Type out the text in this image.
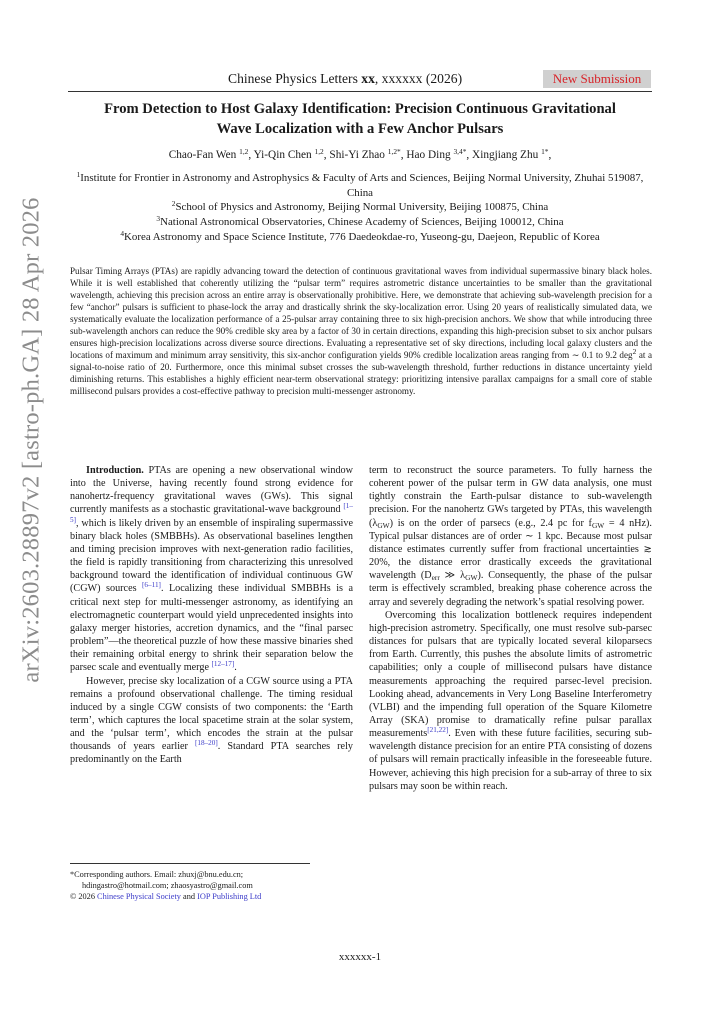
arXiv:2603.28897v2 [astro-ph.GA] 28 Apr 2026
Chinese Physics Letters xx, xxxxxx (2026)	New Submission
From Detection to Host Galaxy Identification: Precision Continuous Gravitational Wave Localization with a Few Anchor Pulsars
Chao-Fan Wen $^{1,2}$, Yi-Qin Chen $^{1,2}$, Shi-Yi Zhao $^{1,2*}$, Hao Ding $^{3,4*}$, Xingjiang Zhu $^{1*}$,
$^1$Institute for Frontier in Astronomy and Astrophysics & Faculty of Arts and Sciences, Beijing Normal University, Zhuhai 519087, China
$^2$School of Physics and Astronomy, Beijing Normal University, Beijing 100875, China
$^3$National Astronomical Observatories, Chinese Academy of Sciences, Beijing 100012, China
$^4$Korea Astronomy and Space Science Institute, 776 Daedeokdae-ro, Yuseong-gu, Daejeon, Republic of Korea
Pulsar Timing Arrays (PTAs) are rapidly advancing toward the detection of continuous gravitational waves from individual supermassive binary black holes. While it is well established that coherently utilizing the “pulsar term” requires astrometric distance uncertainties to be smaller than the gravitational wavelength, achieving this precision across an entire array is observationally prohibitive. Here, we demonstrate that achieving sub-wavelength precision for a few “anchor” pulsars is sufficient to phase-lock the array and drastically shrink the sky-localization error. Using 20 years of realistically simulated data, we systematically evaluate the localization performance of a 25-pulsar array containing three to six high-precision anchors. We show that while introducing three sub-wavelength anchors can reduce the 90% credible sky area by a factor of 30 in certain directions, expanding this high-precision subset to six anchor pulsars ensures high-precision localizations across diverse source directions. Evaluating a representative set of sky directions, including local galaxy clusters and the locations of maximum and minimum array sensitivity, this six-anchor configuration yields 90% credible localization areas ranging from ∼ 0.1 to 9.2 deg$^2$ at a signal-to-noise ratio of 20. Furthermore, once this minimal subset crosses the sub-wavelength threshold, further reductions in distance uncertainty yield diminishing returns. This establishes a highly efficient near-term observational strategy: prioritizing intensive parallax campaigns for a small core of stable millisecond pulsars provides a cost-effective pathway to precision multi-messenger astronomy.

Introduction. PTAs are opening a new observational window into the Universe, having recently found strong evidence for nanohertz-frequency gravitational waves (GWs). This signal currently manifests as a stochastic gravitational-wave background [1–5], which is likely driven by an ensemble of inspiraling supermassive binary black holes (SMBBHs). As observational baselines lengthen and timing precision improves with next-generation radio facilities, the field is rapidly transitioning from characterizing this unresolved background toward the identification of individual continuous GW (CGW) sources [6–11]. Localizing these individual SMBBHs is a critical next step for multi-messenger astronomy, as identifying an electromagnetic counterpart would yield unprecedented insights into galaxy merger histories, accretion dynamics, and the “final parsec problem”—the theoretical puzzle of how these massive binaries shed their remaining orbital energy to shrink their separation below the parsec scale and eventually merge [12–17].

However, precise sky localization of a CGW source using a PTA remains a profound observational challenge. The timing residual induced by a single CGW consists of two components: the ‘Earth term’, which captures the local spacetime strain at the solar system, and the ‘pulsar term’, which encodes the strain at the pulsar thousands of years earlier [18–20]. Standard PTA searches rely predominantly on the Earth

term to reconstruct the source parameters. To fully harness the coherent power of the pulsar term in GW data analysis, one must tightly constrain the Earth-pulsar distance to sub-wavelength precision. For the nanohertz GWs targeted by PTAs, this wavelength $(\lambda_{GW})$ is on the order of parsecs (e.g., 2.4 pc for $f_{GW} = 4$ nHz). Typical pulsar distances are of order ∼ 1 kpc. Because most pulsar distance estimates currently suffer from fractional uncertainties ≳ 20%, the distance error drastically exceeds the gravitational wavelength ($D_{err}$ ≫ $\lambda_{GW}$). Consequently, the phase of the pulsar term is effectively scrambled, breaking phase coherence across the array and severely degrading the network’s spatial resolving power.

Overcoming this localization bottleneck requires independent high-precision astrometry. Specifically, one must resolve sub-parsec distances for pulsars that are typically located several kiloparsecs from Earth. Currently, this pushes the absolute limits of astrometric capabilities; only a couple of millisecond pulsars have distance measurements approaching the required parsec-level precision. Looking ahead, advancements in Very Long Baseline Interferometry (VLBI) and the impending full operation of the Square Kilometre Array (SKA) promise to dramatically refine pulsar parallax measurements[21,22]. Even with these future facilities, securing sub-wavelength distance precision for an entire PTA consisting of dozens of pulsars will remain practically infeasible in the foreseeable future. However, achieving this high precision for a sub-array of three to six pulsars may soon be within reach.

*Corresponding authors. Email: zhuxj@bnu.edu.cn;
hdingastro@hotmail.com; zhaosyastro@gmail.com
© 2026 Chinese Physical Society and IOP Publishing Ltd
xxxxxx-1
